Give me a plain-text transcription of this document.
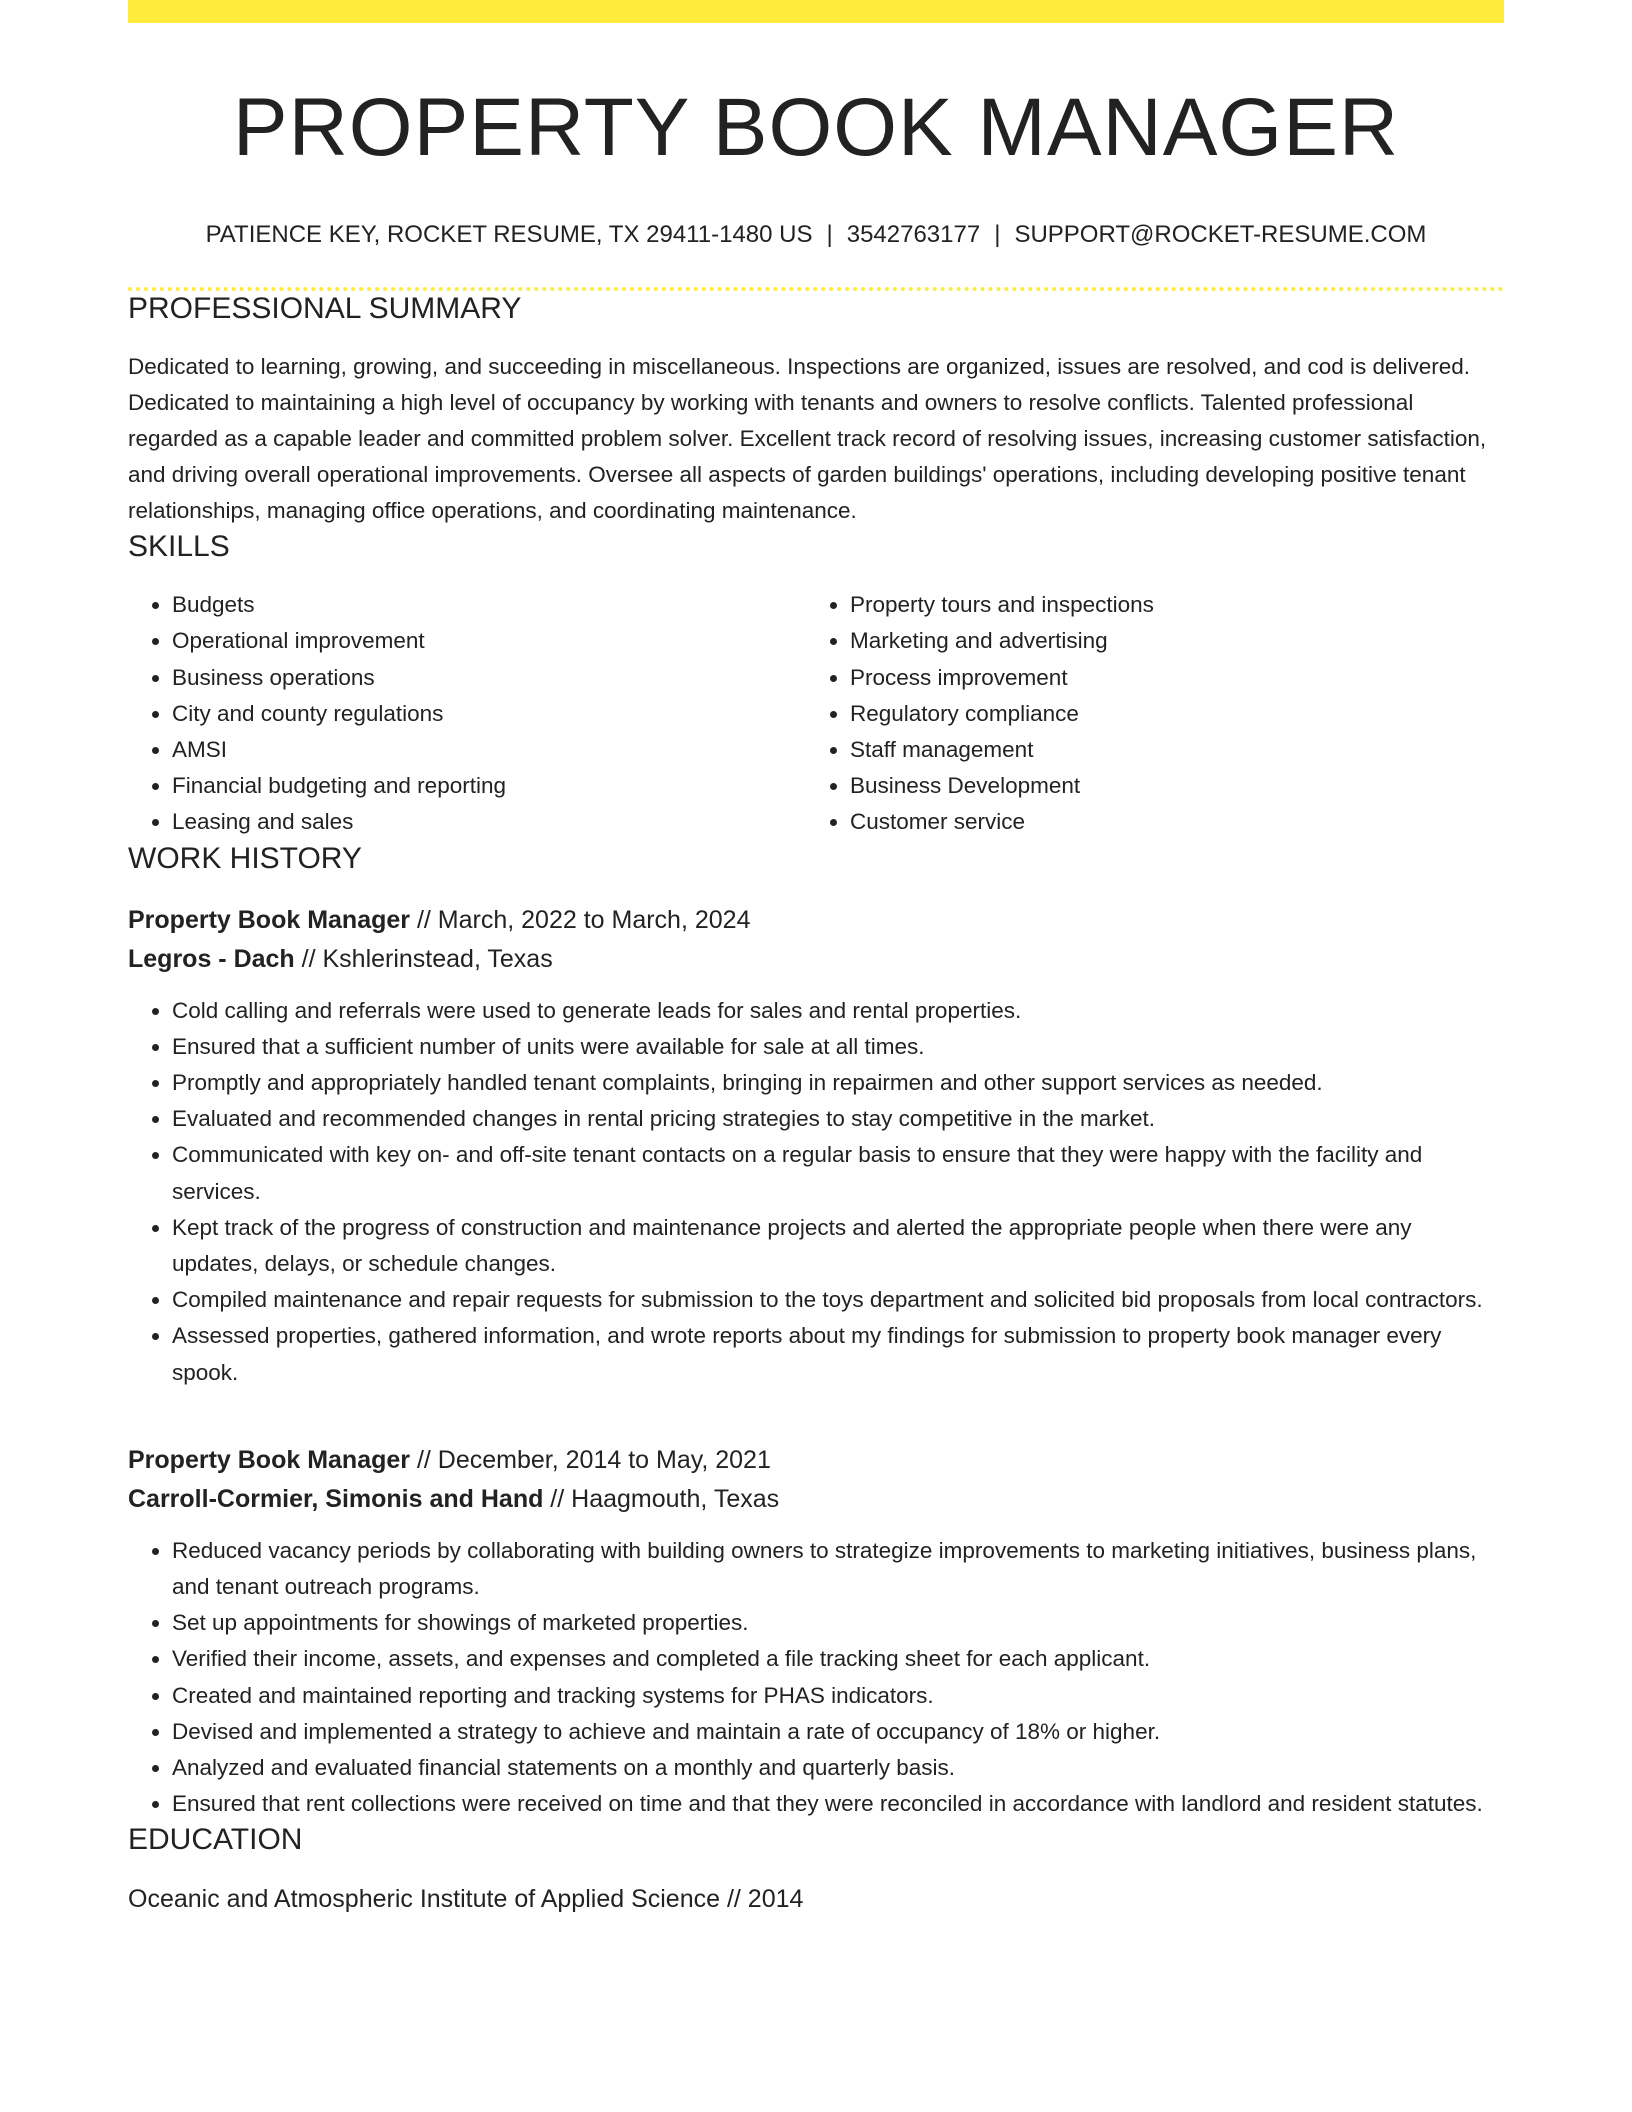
PROPERTY BOOK MANAGER
PATIENCE KEY, ROCKET RESUME, TX 29411-1480 US | 3542763177 | SUPPORT@ROCKET-RESUME.COM
PROFESSIONAL SUMMARY
Dedicated to learning, growing, and succeeding in miscellaneous. Inspections are organized, issues are resolved, and cod is delivered. Dedicated to maintaining a high level of occupancy by working with tenants and owners to resolve conflicts. Talented professional regarded as a capable leader and committed problem solver. Excellent track record of resolving issues, increasing customer satisfaction, and driving overall operational improvements. Oversee all aspects of garden buildings' operations, including developing positive tenant relationships, managing office operations, and coordinating maintenance.
SKILLS
• Budgets
• Operational improvement
• Business operations
• City and county regulations
• AMSI
• Financial budgeting and reporting
• Leasing and sales
• Property tours and inspections
• Marketing and advertising
• Process improvement
• Regulatory compliance
• Staff management
• Business Development
• Customer service
WORK HISTORY
Property Book Manager // March, 2022 to March, 2024
Legros - Dach // Kshlerinstead, Texas
• Cold calling and referrals were used to generate leads for sales and rental properties.
• Ensured that a sufficient number of units were available for sale at all times.
• Promptly and appropriately handled tenant complaints, bringing in repairmen and other support services as needed.
• Evaluated and recommended changes in rental pricing strategies to stay competitive in the market.
• Communicated with key on- and off-site tenant contacts on a regular basis to ensure that they were happy with the facility and services.
• Kept track of the progress of construction and maintenance projects and alerted the appropriate people when there were any updates, delays, or schedule changes.
• Compiled maintenance and repair requests for submission to the toys department and solicited bid proposals from local contractors.
• Assessed properties, gathered information, and wrote reports about my findings for submission to property book manager every spook.
Property Book Manager // December, 2014 to May, 2021
Carroll-Cormier, Simonis and Hand // Haagmouth, Texas
• Reduced vacancy periods by collaborating with building owners to strategize improvements to marketing initiatives, business plans, and tenant outreach programs.
• Set up appointments for showings of marketed properties.
• Verified their income, assets, and expenses and completed a file tracking sheet for each applicant.
• Created and maintained reporting and tracking systems for PHAS indicators.
• Devised and implemented a strategy to achieve and maintain a rate of occupancy of 18% or higher.
• Analyzed and evaluated financial statements on a monthly and quarterly basis.
• Ensured that rent collections were received on time and that they were reconciled in accordance with landlord and resident statutes.
EDUCATION
Oceanic and Atmospheric Institute of Applied Science // 2014
